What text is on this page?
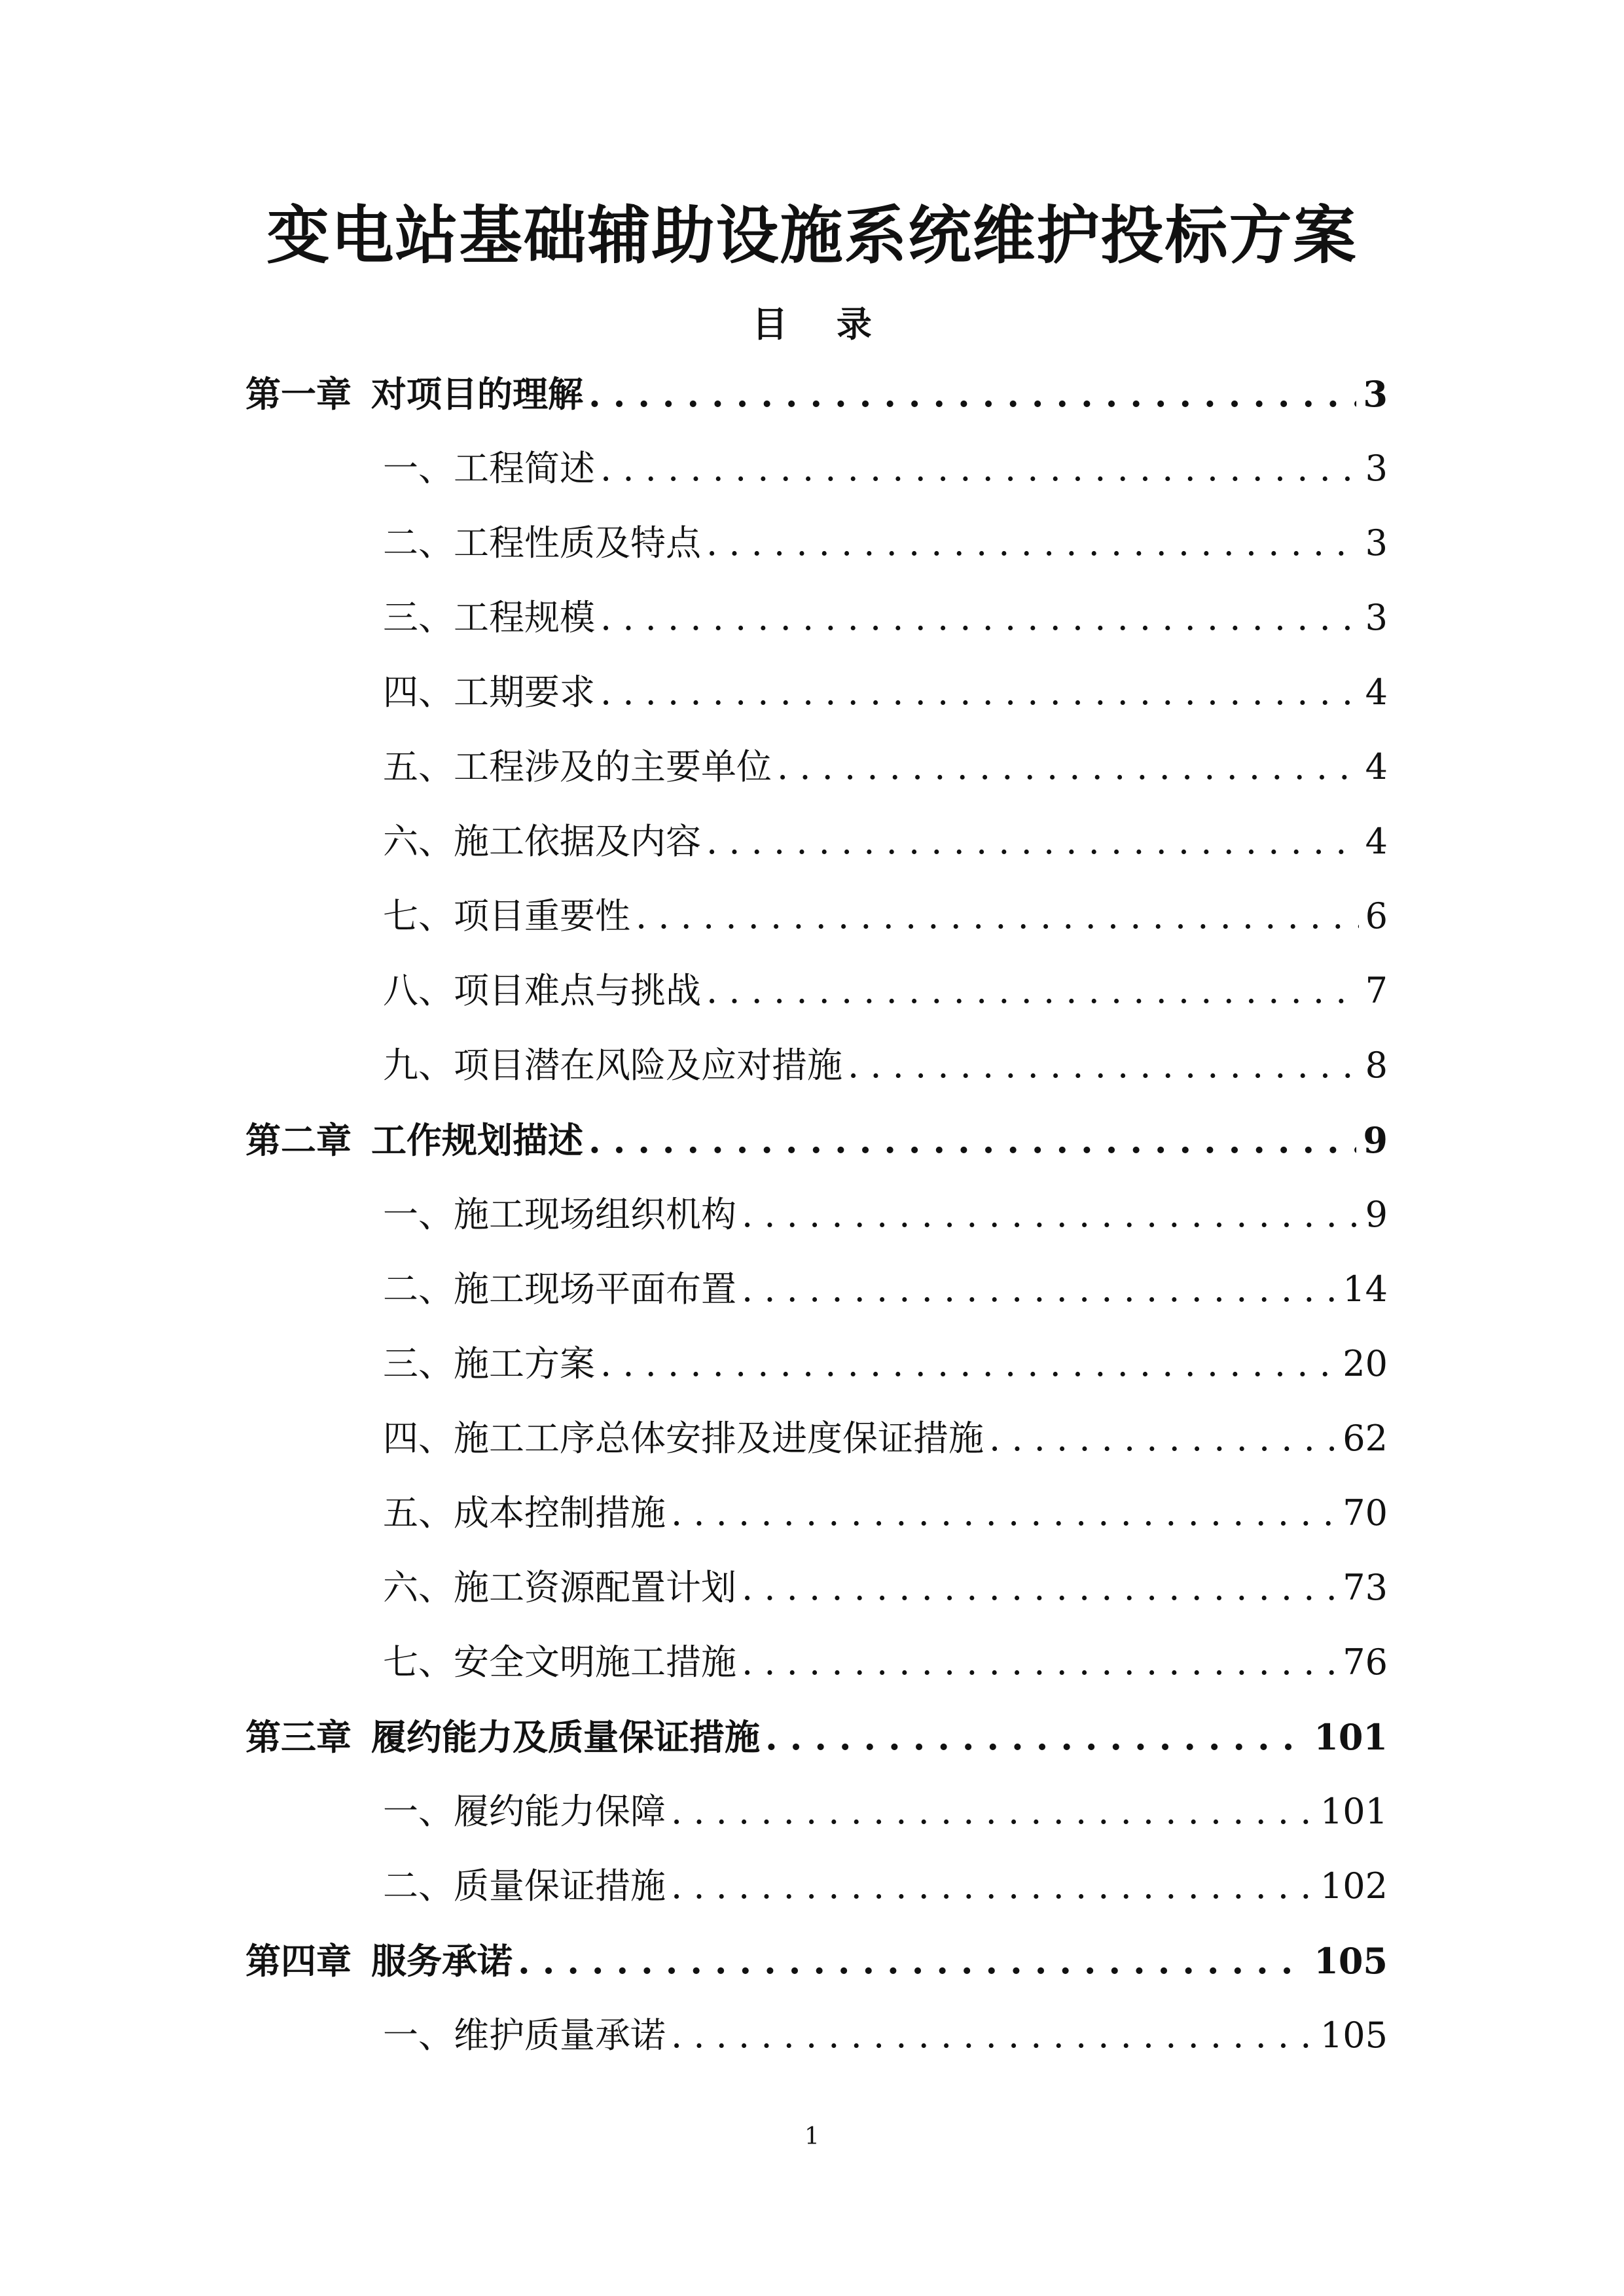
变电站基础辅助设施系统维护投标方案
目 录
第一章 对项目的理解 . . .	3
一、工程简述 . . .	3
二、工程性质及特点 . . .	3
三、工程规模 . . .	3
四、工期要求 . . .	4
五、工程涉及的主要单位 . . .	4
六、施工依据及内容 . . .	4
七、项目重要性 . . .	6
八、项目难点与挑战 . . .	7
九、项目潜在风险及应对措施 . . .	8
第二章 工作规划描述 . . .	9
一、施工现场组织机构 . . .	9
二、施工现场平面布置 . . .	14
三、施工方案 . . .	20
四、施工工序总体安排及进度保证措施 . . .	62
五、成本控制措施 . . .	70
六、施工资源配置计划 . . .	73
七、安全文明施工措施 . . .	76
第三章 履约能力及质量保证措施 . . .	101
一、履约能力保障 . . .	101
二、质量保证措施 . . .	102
第四章 服务承诺 . . .	105
一、维护质量承诺 . . .	105
1
